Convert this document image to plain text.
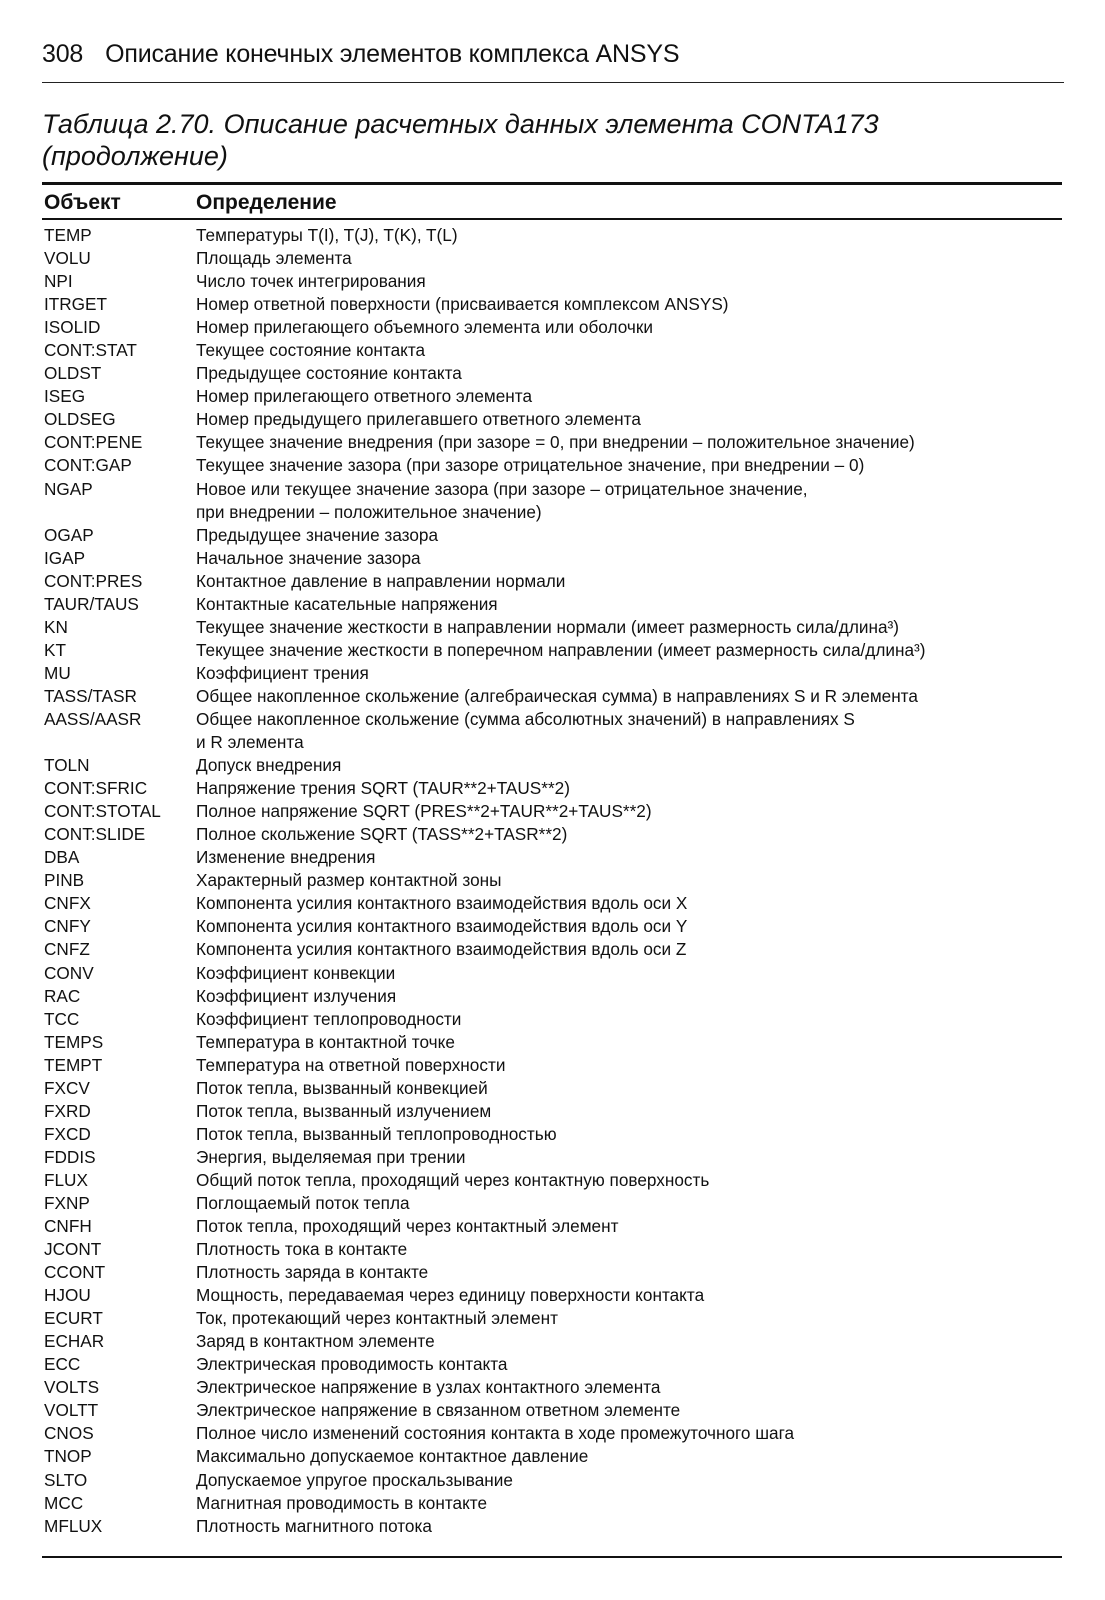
308 Описание конечных элементов комплекса ANSYS
Таблица 2.70. Описание расчетных данных элемента CONTA173
(продолжение)
Объект	Определение
TEMP	Температуры T(I), T(J), T(K), T(L)
VOLU	Площадь элемента
NPI	Число точек интегрирования
ITRGET	Номер ответной поверхности (присваивается комплексом ANSYS)
ISOLID	Номер прилегающего объемного элемента или оболочки
CONT:STAT	Текущее состояние контакта
OLDST	Предыдущее состояние контакта
ISEG	Номер прилегающего ответного элемента
OLDSEG	Номер предыдущего прилегавшего ответного элемента
CONT:PENE	Текущее значение внедрения (при зазоре = 0, при внедрении – положительное значение)
CONT:GAP	Текущее значение зазора (при зазоре отрицательное значение, при внедрении – 0)
NGAP	Новое или текущее значение зазора (при зазоре – отрицательное значение,
	при внедрении – положительное значение)
OGAP	Предыдущее значение зазора
IGAP	Начальное значение зазора
CONT:PRES	Контактное давление в направлении нормали
TAUR/TAUS	Контактные касательные напряжения
KN	Текущее значение жесткости в направлении нормали (имеет размерность сила/длина³)
KT	Текущее значение жесткости в поперечном направлении (имеет размерность сила/длина³)
MU	Коэффициент трения
TASS/TASR	Общее накопленное скольжение (алгебраическая сумма) в направлениях S и R элемента
AASS/AASR	Общее накопленное скольжение (сумма абсолютных значений) в направлениях S
	и R элемента
TOLN	Допуск внедрения
CONT:SFRIC	Напряжение трения SQRT (TAUR**2+TAUS**2)
CONT:STOTAL	Полное напряжение SQRT (PRES**2+TAUR**2+TAUS**2)
CONT:SLIDE	Полное скольжение SQRT (TASS**2+TASR**2)
DBA	Изменение внедрения
PINB	Характерный размер контактной зоны
CNFX	Компонента усилия контактного взаимодействия вдоль оси X
CNFY	Компонента усилия контактного взаимодействия вдоль оси Y
CNFZ	Компонента усилия контактного взаимодействия вдоль оси Z
CONV	Коэффициент конвекции
RAC	Коэффициент излучения
TCC	Коэффициент теплопроводности
TEMPS	Температура в контактной точке
TEMPT	Температура на ответной поверхности
FXCV	Поток тепла, вызванный конвекцией
FXRD	Поток тепла, вызванный излучением
FXCD	Поток тепла, вызванный теплопроводностью
FDDIS	Энергия, выделяемая при трении
FLUX	Общий поток тепла, проходящий через контактную поверхность
FXNP	Поглощаемый поток тепла
CNFH	Поток тепла, проходящий через контактный элемент
JCONT	Плотность тока в контакте
CCONT	Плотность заряда в контакте
HJOU	Мощность, передаваемая через единицу поверхности контакта
ECURT	Ток, протекающий через контактный элемент
ECHAR	Заряд в контактном элементе
ECC	Электрическая проводимость контакта
VOLTS	Электрическое напряжение в узлах контактного элемента
VOLTT	Электрическое напряжение в связанном ответном элементе
CNOS	Полное число изменений состояния контакта в ходе промежуточного шага
TNOP	Максимально допускаемое контактное давление
SLTO	Допускаемое упругое проскальзывание
MCC	Магнитная проводимость в контакте
MFLUX	Плотность магнитного потока
